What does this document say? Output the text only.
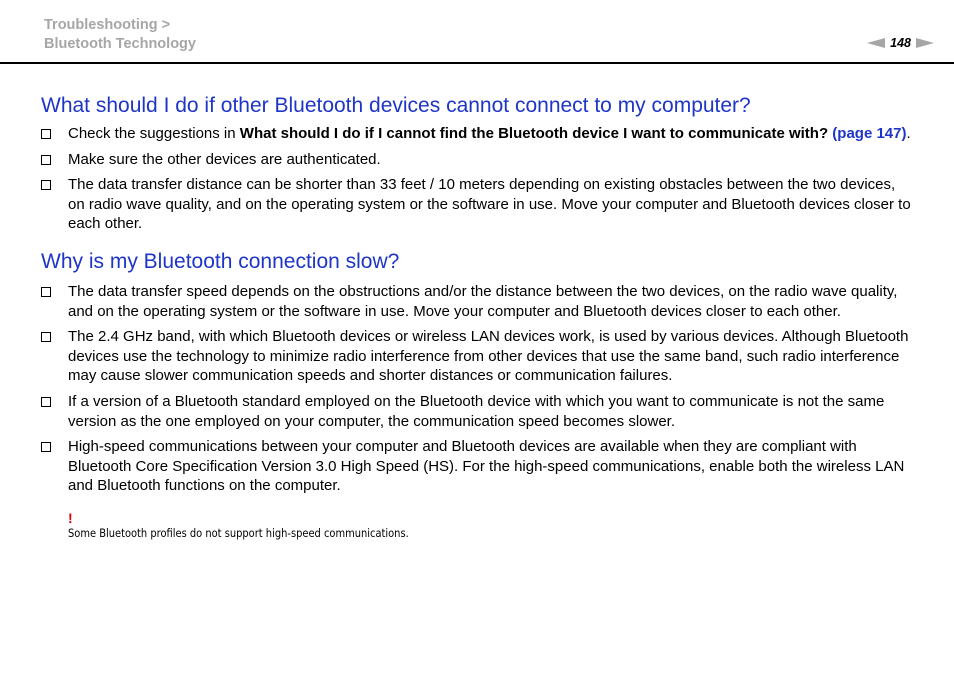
Troubleshooting >
Bluetooth Technology	148
What should I do if other Bluetooth devices cannot connect to my computer?
Check the suggestions in What should I do if I cannot find the Bluetooth device I want to communicate with? (page 147).
Make sure the other devices are authenticated.
The data transfer distance can be shorter than 33 feet / 10 meters depending on existing obstacles between the two devices, on radio wave quality, and on the operating system or the software in use. Move your computer and Bluetooth devices closer to each other.
Why is my Bluetooth connection slow?
The data transfer speed depends on the obstructions and/or the distance between the two devices, on the radio wave quality, and on the operating system or the software in use. Move your computer and Bluetooth devices closer to each other.
The 2.4 GHz band, with which Bluetooth devices or wireless LAN devices work, is used by various devices. Although Bluetooth devices use the technology to minimize radio interference from other devices that use the same band, such radio interference may cause slower communication speeds and shorter distances or communication failures.
If a version of a Bluetooth standard employed on the Bluetooth device with which you want to communicate is not the same version as the one employed on your computer, the communication speed becomes slower.
High-speed communications between your computer and Bluetooth devices are available when they are compliant with Bluetooth Core Specification Version 3.0 High Speed (HS). For the high-speed communications, enable both the wireless LAN and Bluetooth functions on the computer.
!
Some Bluetooth profiles do not support high-speed communications.
